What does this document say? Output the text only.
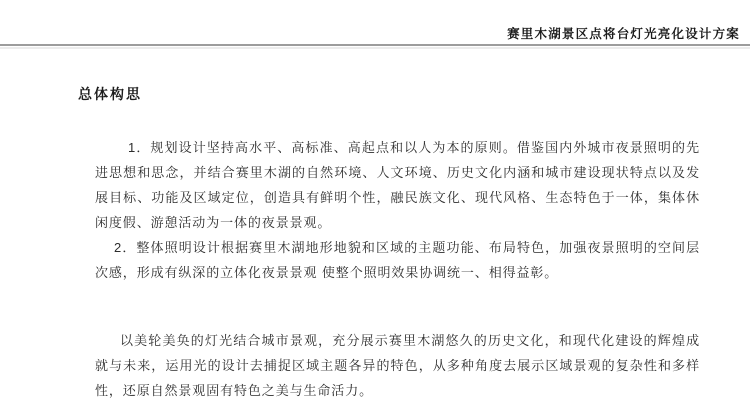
赛里木湖景区点将台灯光亮化设计方案
总体构思

1．规划设计坚持高水平、高标准、高起点和以人为本的原则。借鉴国内外城市夜景照明的先进思想和思念，并结合赛里木湖的自然环境、人文环境、历史文化内涵和城市建设现状特点以及发展目标、功能及区域定位，创造具有鲜明个性，融民族文化、现代风格、生态特色于一体，集体休闲度假、游憩活动为一体的夜景景观。

2．整体照明设计根据赛里木湖地形地貌和区域的主题功能、布局特色，加强夜景照明的空间层次感，形成有纵深的立体化夜景景观 使整个照明效果协调统一、相得益彰。

以美轮美奂的灯光结合城市景观，充分展示赛里木湖悠久的历史文化，和现代化建设的辉煌成就与未来，运用光的设计去捕捉区域主题各异的特色，从多种角度去展示区域景观的复杂性和多样性，还原自然景观固有特色之美与生命活力。
